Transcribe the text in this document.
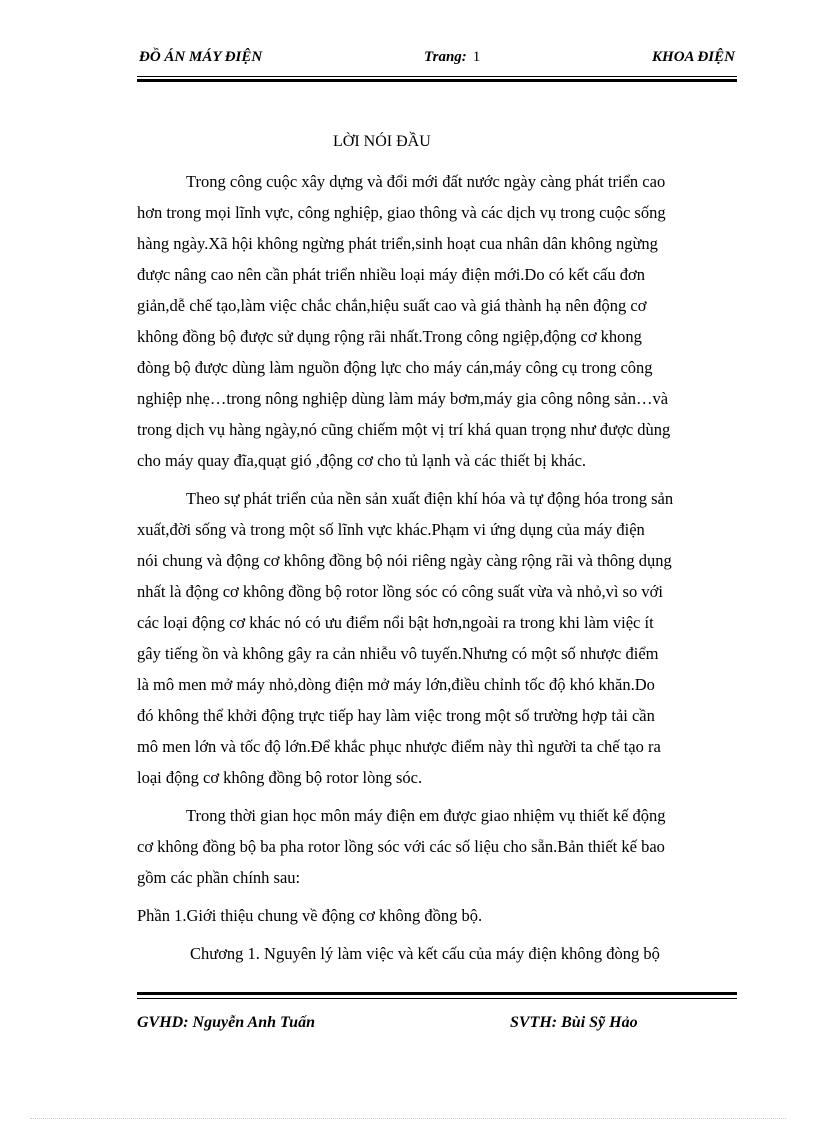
ĐỒ ÁN MÁY ĐIỆN	Trang: 1	KHOA ĐIỆN
LỜI NÓI ĐẦU
Trong công cuộc xây dựng và đổi mới đất nước ngày càng phát triển cao
hơn trong mọi lĩnh vực, công nghiệp, giao thông và các dịch vụ trong cuộc sống
hàng ngày.Xã hội không ngừng phát triển,sinh hoạt cua nhân dân không ngừng
được nâng cao nên cần phát triển nhiều loại máy điện mới.Do có kết cấu đơn
giản,dễ chế tạo,làm việc chắc chắn,hiệu suất cao và giá thành hạ nên động cơ
không đồng bộ được sử dụng rộng rãi nhất.Trong công ngiệp,động cơ khong
đòng bộ được dùng làm nguồn động lực cho máy cán,máy công cụ trong công
nghiệp nhẹ…trong nông nghiệp dùng làm máy bơm,máy gia công nông sản…và
trong dịch vụ hàng ngày,nó cũng chiếm một vị trí khá quan trọng như được dùng
cho máy quay đĩa,quạt gió ,động cơ cho tủ lạnh và các thiết bị khác.
Theo sự phát triển của nền sản xuất điện khí hóa và tự động hóa trong sản
xuất,đời sống và trong một số lĩnh vực khác.Phạm vi ứng dụng của máy điện
nói chung và động cơ không đồng bộ nói riêng ngày càng rộng rãi và thông dụng
nhất là động cơ không đồng bộ rotor lồng sóc có công suất vừa và nhỏ,vì so với
các loại động cơ khác nó có ưu điểm nổi bật hơn,ngoài ra trong khi làm việc ít
gây tiếng ồn và không gây ra cản nhiễu vô tuyến.Nhưng có một số nhược điểm
là mô men mở máy nhỏ,dòng điện mở máy lớn,điều chỉnh tốc độ khó khăn.Do
đó không thể khởi động trực tiếp hay làm việc trong một số trường hợp tải cần
mô men lớn và tốc độ lớn.Để khắc phục nhược điểm này thì người ta chế tạo ra
loại động cơ không đồng bộ rotor lòng sóc.
Trong thời gian học môn máy điện em được giao nhiệm vụ thiết kế động
cơ không đồng bộ ba pha rotor lồng sóc với các số liệu cho sẵn.Bản thiết kế bao
gồm các phần chính sau:
Phần 1.Giới thiệu chung về động cơ không đồng bộ.
Chương 1. Nguyên lý làm việc và kết cấu của máy điện không đòng bộ
GVHD: Nguyễn Anh Tuấn	SVTH: Bùi Sỹ Hảo
